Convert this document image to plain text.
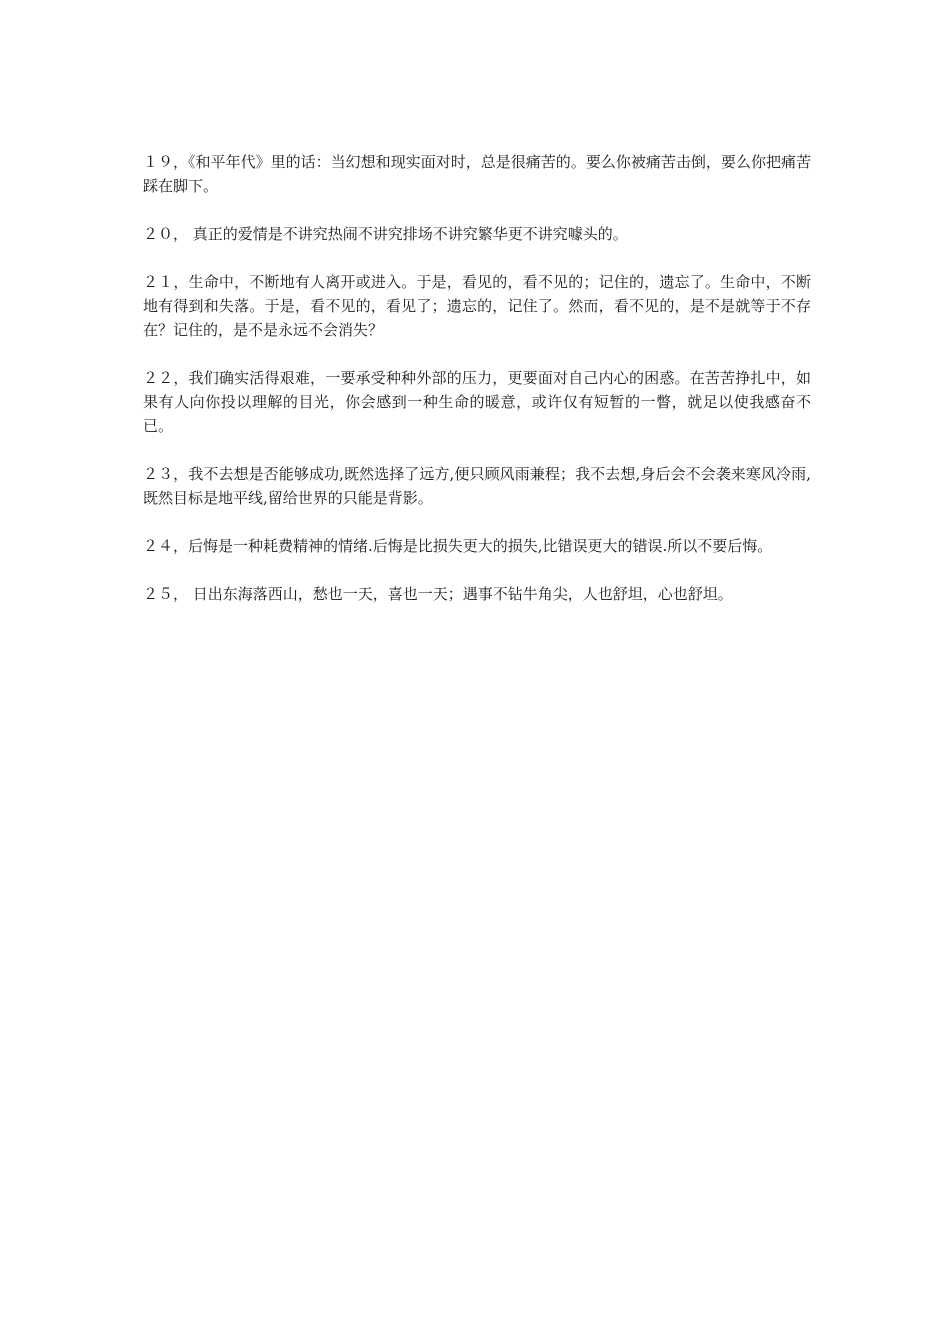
１９，《和平年代》里的话：当幻想和现实面对时，总是很痛苦的。要么你被痛苦击倒，要么你把痛苦踩在脚下。

２０， 真正的爱情是不讲究热闹不讲究排场不讲究繁华更不讲究噱头的。

２１，生命中，不断地有人离开或进入。于是，看见的，看不见的；记住的，遗忘了。生命中，不断地有得到和失落。于是，看不见的，看见了；遗忘的，记住了。然而，看不见的，是不是就等于不存在？记住的，是不是永远不会消失？

２２，我们确实活得艰难，一要承受种种外部的压力，更要面对自己内心的困惑。在苦苦挣扎中，如果有人向你投以理解的目光，你会感到一种生命的暖意，或许仅有短暂的一瞥，就足以使我感奋不已。

２３，我不去想是否能够成功,既然选择了远方,便只顾风雨兼程；我不去想,身后会不会袭来寒风冷雨,既然目标是地平线,留给世界的只能是背影。

２４，后悔是一种耗费精神的情绪.后悔是比损失更大的损失,比错误更大的错误.所以不要后悔。

２５， 日出东海落西山，愁也一天，喜也一天；遇事不钻牛角尖，人也舒坦，心也舒坦。
